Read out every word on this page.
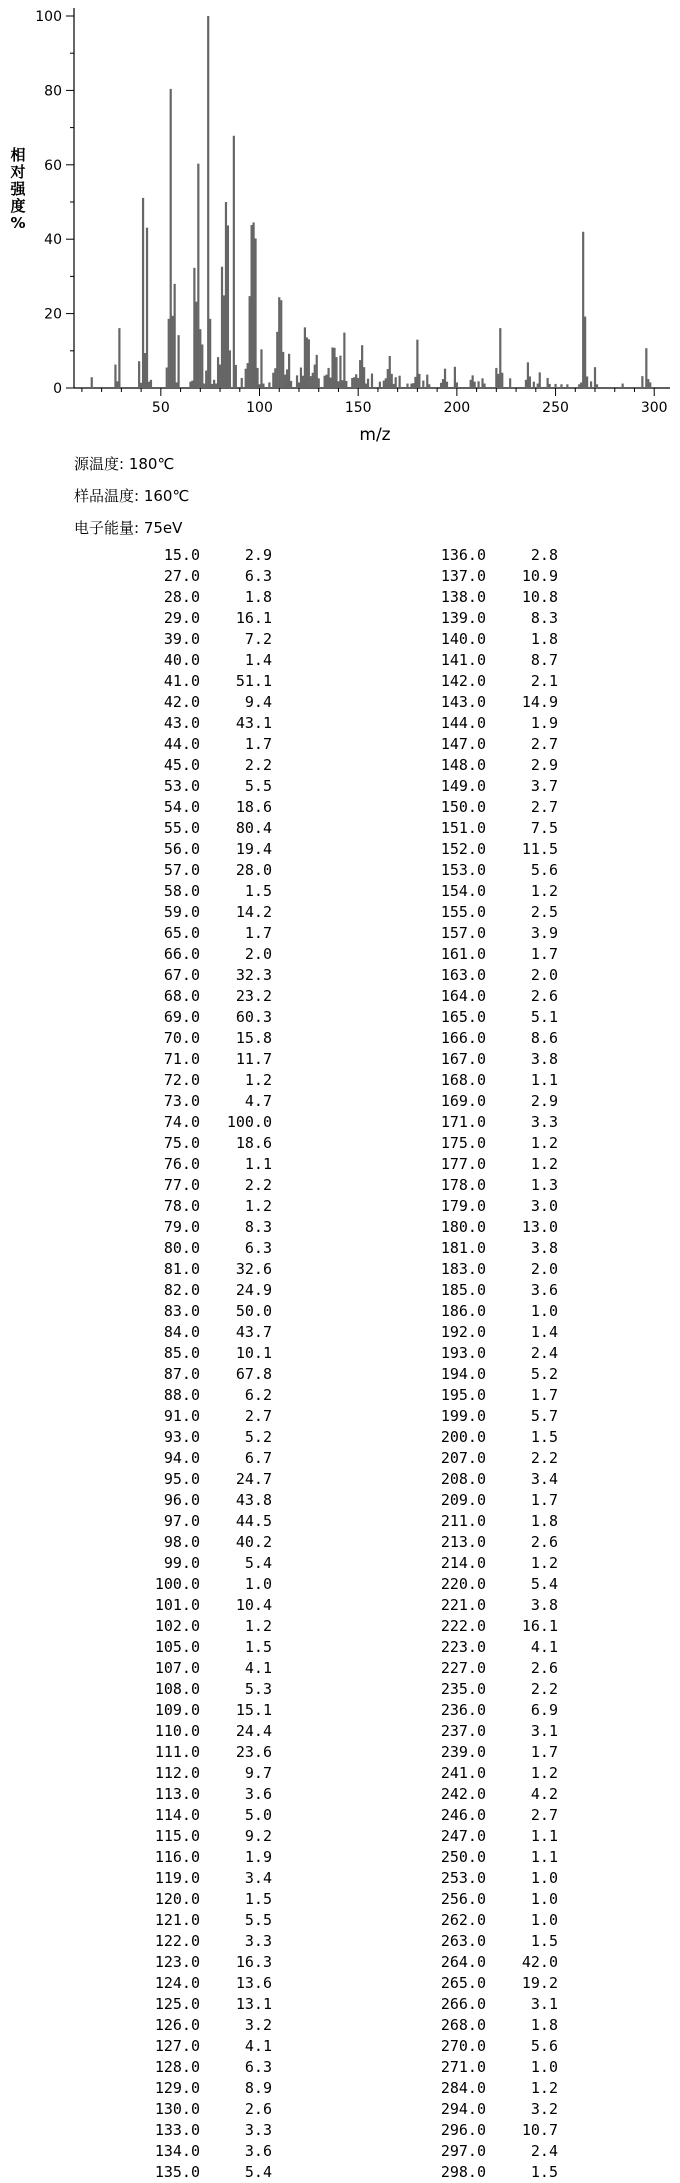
50	100	150	200	250	300
0
20
40
60
80
100
m/z
相
对
强
度
%
源温度: 180℃
样品温度: 160℃
电子能量: 75eV
15.0	2.9
27.0	6.3
28.0	1.8
29.0 16.1
39.0	7.2
40.0	1.4
41.0 51.1
42.0	9.4
43.0 43.1
44.0	1.7
45.0	2.2
53.0	5.5
54.0 18.6
55.0 80.4
56.0 19.4
57.0 28.0
58.0	1.5
59.0 14.2
65.0	1.7
66.0	2.0
67.0 32.3
68.0 23.2
69.0 60.3
70.0 15.8
71.0 11.7
72.0	1.2
73.0	4.7
74.0 100.0
75.0 18.6
76.0	1.1
77.0	2.2
78.0	1.2
79.0	8.3
80.0	6.3
81.0 32.6
82.0 24.9
83.0 50.0
84.0 43.7
85.0 10.1
87.0 67.8
88.0	6.2
91.0	2.7
93.0	5.2
94.0	6.7
95.0 24.7
96.0 43.8
97.0 44.5
98.0 40.2
99.0	5.4
100.0	1.0
101.0 10.4
102.0	1.2
105.0	1.5
107.0	4.1
108.0	5.3
109.0 15.1
110.0 24.4
111.0 23.6
112.0	9.7
113.0	3.6
114.0	5.0
115.0	9.2
116.0	1.9
119.0	3.4
120.0	1.5
121.0	5.5
122.0	3.3
123.0 16.3
124.0 13.6
125.0 13.1
126.0	3.2
127.0	4.1
128.0	6.3
129.0	8.9
130.0	2.6
133.0	3.3
134.0	3.6
135.0	5.4
136.0	2.8
137.0 10.9
138.0 10.8
139.0	8.3
140.0	1.8
141.0	8.7
142.0	2.1
143.0 14.9
144.0	1.9
147.0	2.7
148.0	2.9
149.0	3.7
150.0	2.7
151.0	7.5
152.0 11.5
153.0	5.6
154.0	1.2
155.0	2.5
157.0	3.9
161.0	1.7
163.0	2.0
164.0	2.6
165.0	5.1
166.0	8.6
167.0	3.8
168.0	1.1
169.0	2.9
171.0	3.3
175.0	1.2
177.0	1.2
178.0	1.3
179.0	3.0
180.0 13.0
181.0	3.8
183.0	2.0
185.0	3.6
186.0	1.0
192.0	1.4
193.0	2.4
194.0	5.2
195.0	1.7
199.0	5.7
200.0	1.5
207.0	2.2
208.0	3.4
209.0	1.7
211.0	1.8
213.0	2.6
214.0	1.2
220.0	5.4
221.0	3.8
222.0 16.1
223.0	4.1
227.0	2.6
235.0	2.2
236.0	6.9
237.0	3.1
239.0	1.7
241.0	1.2
242.0	4.2
246.0	2.7
247.0	1.1
250.0	1.1
253.0	1.0
256.0	1.0
262.0	1.0
263.0	1.5
264.0 42.0
265.0 19.2
266.0	3.1
268.0	1.8
270.0	5.6
271.0	1.0
284.0	1.2
294.0	3.2
296.0 10.7
297.0	2.4
298.0	1.5
